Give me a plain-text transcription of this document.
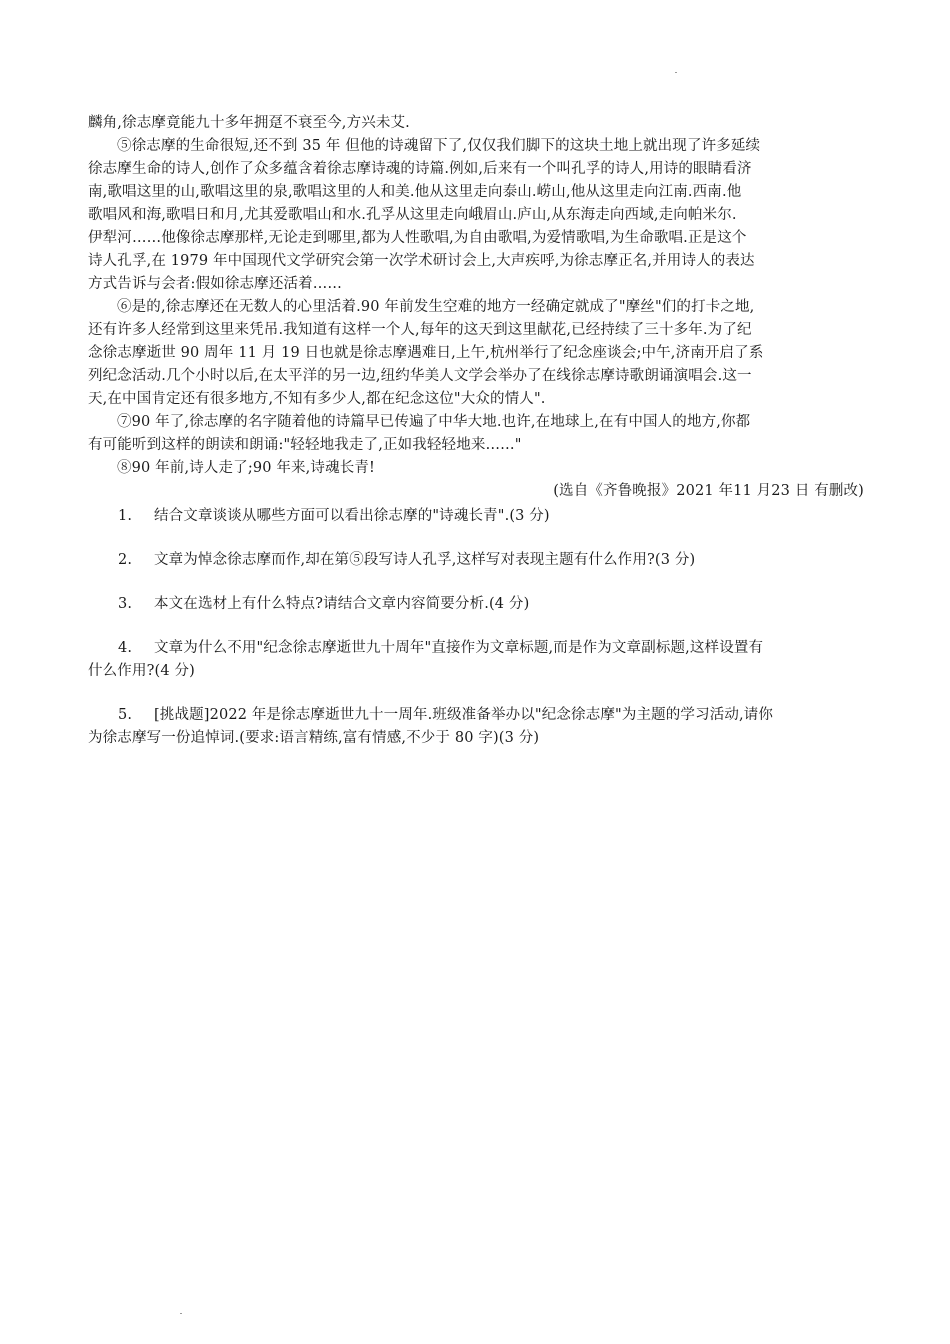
麟角,徐志摩竟能九十多年拥趸不衰至今,方兴未艾.
⑤徐志摩的生命很短,还不到 35 年 但他的诗魂留下了,仅仅我们脚下的这块土地上就出现了许多延续
徐志摩生命的诗人,创作了众多蕴含着徐志摩诗魂的诗篇.例如,后来有一个叫孔孚的诗人,用诗的眼睛看济
南,歌唱这里的山,歌唱这里的泉,歌唱这里的人和美.他从这里走向泰山.崂山,他从这里走向江南.西南.他
歌唱风和海,歌唱日和月,尤其爱歌唱山和水.孔孚从这里走向峨眉山.庐山,从东海走向西域,走向帕米尔.
伊犁河……他像徐志摩那样,无论走到哪里,都为人性歌唱,为自由歌唱,为爱情歌唱,为生命歌唱.正是这个
诗人孔孚,在 1979 年中国现代文学研究会第一次学术研讨会上,大声疾呼,为徐志摩正名,并用诗人的表达
方式告诉与会者:假如徐志摩还活着……
⑥是的,徐志摩还在无数人的心里活着.90 年前发生空难的地方一经确定就成了"摩丝"们的打卡之地,
还有许多人经常到这里来凭吊.我知道有这样一个人,每年的这天到这里献花,已经持续了三十多年.为了纪
念徐志摩逝世 90 周年 11 月 19 日也就是徐志摩遇难日,上午,杭州举行了纪念座谈会;中午,济南开启了系
列纪念活动.几个小时以后,在太平洋的另一边,纽约华美人文学会举办了在线徐志摩诗歌朗诵演唱会.这一
天,在中国肯定还有很多地方,不知有多少人,都在纪念这位"大众的情人".
⑦90 年了,徐志摩的名字随着他的诗篇早已传遍了中华大地.也许,在地球上,在有中国人的地方,你都
有可能听到这样的朗读和朗诵:"轻轻地我走了,正如我轻轻地来……"
⑧90 年前,诗人走了;90 年来,诗魂长青!
(选自《齐鲁晚报》2021 年11 月23 日 有删改)
1. 结合文章谈谈从哪些方面可以看出徐志摩的"诗魂长青".(3 分)
2. 文章为悼念徐志摩而作,却在第⑤段写诗人孔孚,这样写对表现主题有什么作用?(3 分)
3. 本文在选材上有什么特点?请结合文章内容简要分析.(4 分)
4. 文章为什么不用"纪念徐志摩逝世九十周年"直接作为文章标题,而是作为文章副标题,这样设置有
什么作用?(4 分)
5. [挑战题]2022 年是徐志摩逝世九十一周年.班级准备举办以"纪念徐志摩"为主题的学习活动,请你
为徐志摩写一份追悼词.(要求:语言精练,富有情感,不少于 80 字)(3 分)
